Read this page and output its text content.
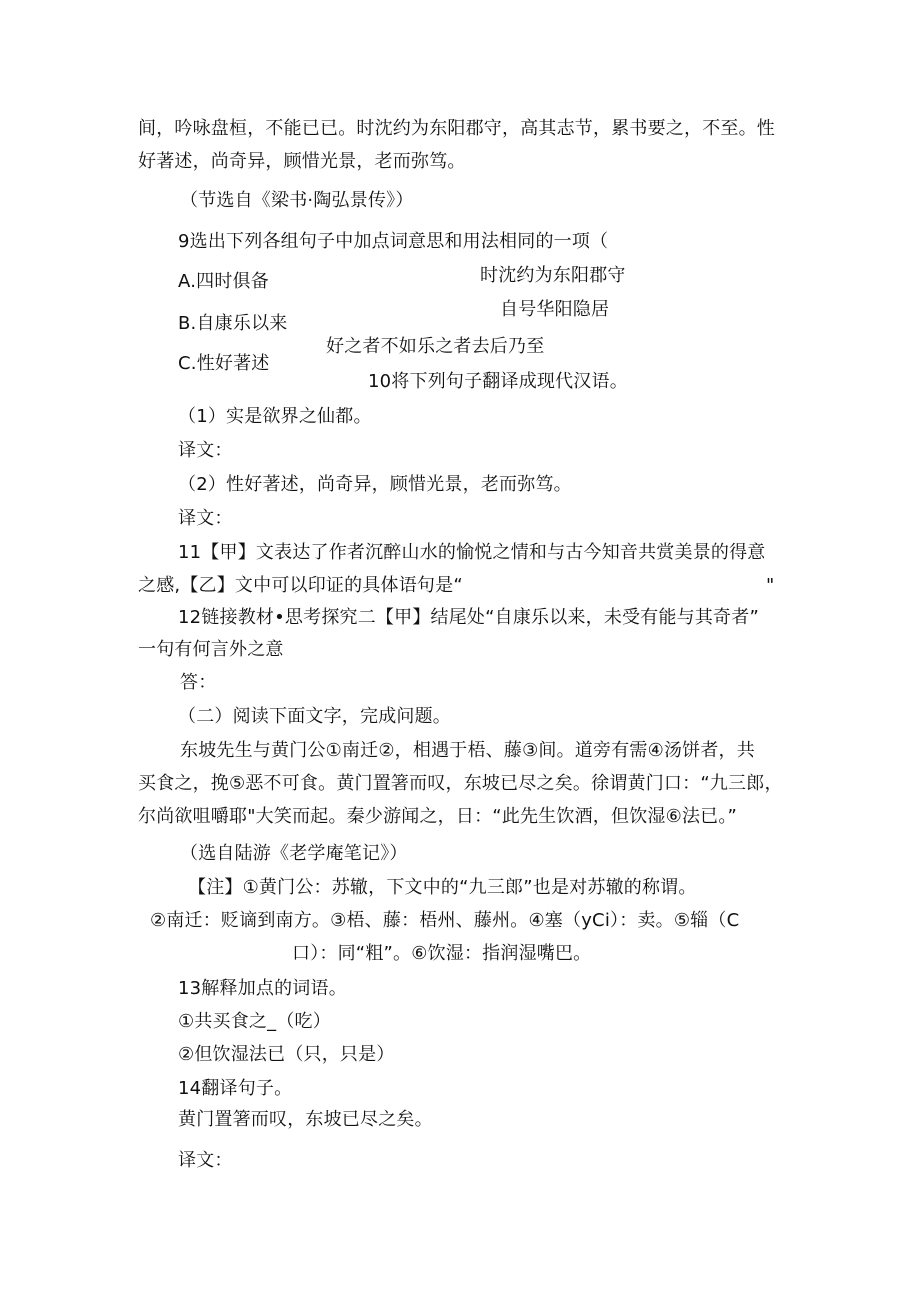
间，吟咏盘桓，不能已已。时沈约为东阳郡守，高其志节，累书要之，不至。性
好著述，尚奇异，顾惜光景，老而弥笃。
（节选自《梁书·陶弘景传》）
9选出下列各组句子中加点词意思和用法相同的一项（
A.四时俱备	时沈约为东阳郡守
自号华阳隐居
B.自康乐以来
好之者不如乐之者去后乃至
C.性好著述
10将下列句子翻译成现代汉语。
（1）实是欲界之仙都。
译文：
（2）性好著述，尚奇异，顾惜光景，老而弥笃。
译文：
11【甲】文表达了作者沉醉山水的愉悦之情和与古今知音共赏美景的得意
之感,【乙】文中可以印证的具体语句是“	"
12链接教材•思考探究二【甲】结尾处“自康乐以来，未受有能与其奇者”
一句有何言外之意
答：
（二）阅读下面文字，完成问题。
东坡先生与黄门公①南迁②，相遇于梧、藤③间。道旁有需④汤饼者，共
买食之，挽⑤恶不可食。黄门置箸而叹，东坡已尽之矣。徐谓黄门口：“九三郎，
尔尚欲咀嚼耶"大笑而起。秦少游闻之，日：“此先生饮酒，但饮湿⑥法已。”
（选自陆游《老学庵笔记》）
【注】①黄门公：苏辙，下文中的“九三郎”也是对苏辙的称谓。
②南迁：贬谪到南方。③梧、藤：梧州、藤州。④塞（yCi）：卖。⑤辎（C
口）：同“粗”。⑥饮湿：指润湿嘴巴。
13解释加点的词语。
①共买食之_（吃）
②但饮湿法已（只，只是）
14翻译句子。
黄门置箸而叹，东坡已尽之矣。
译文：
